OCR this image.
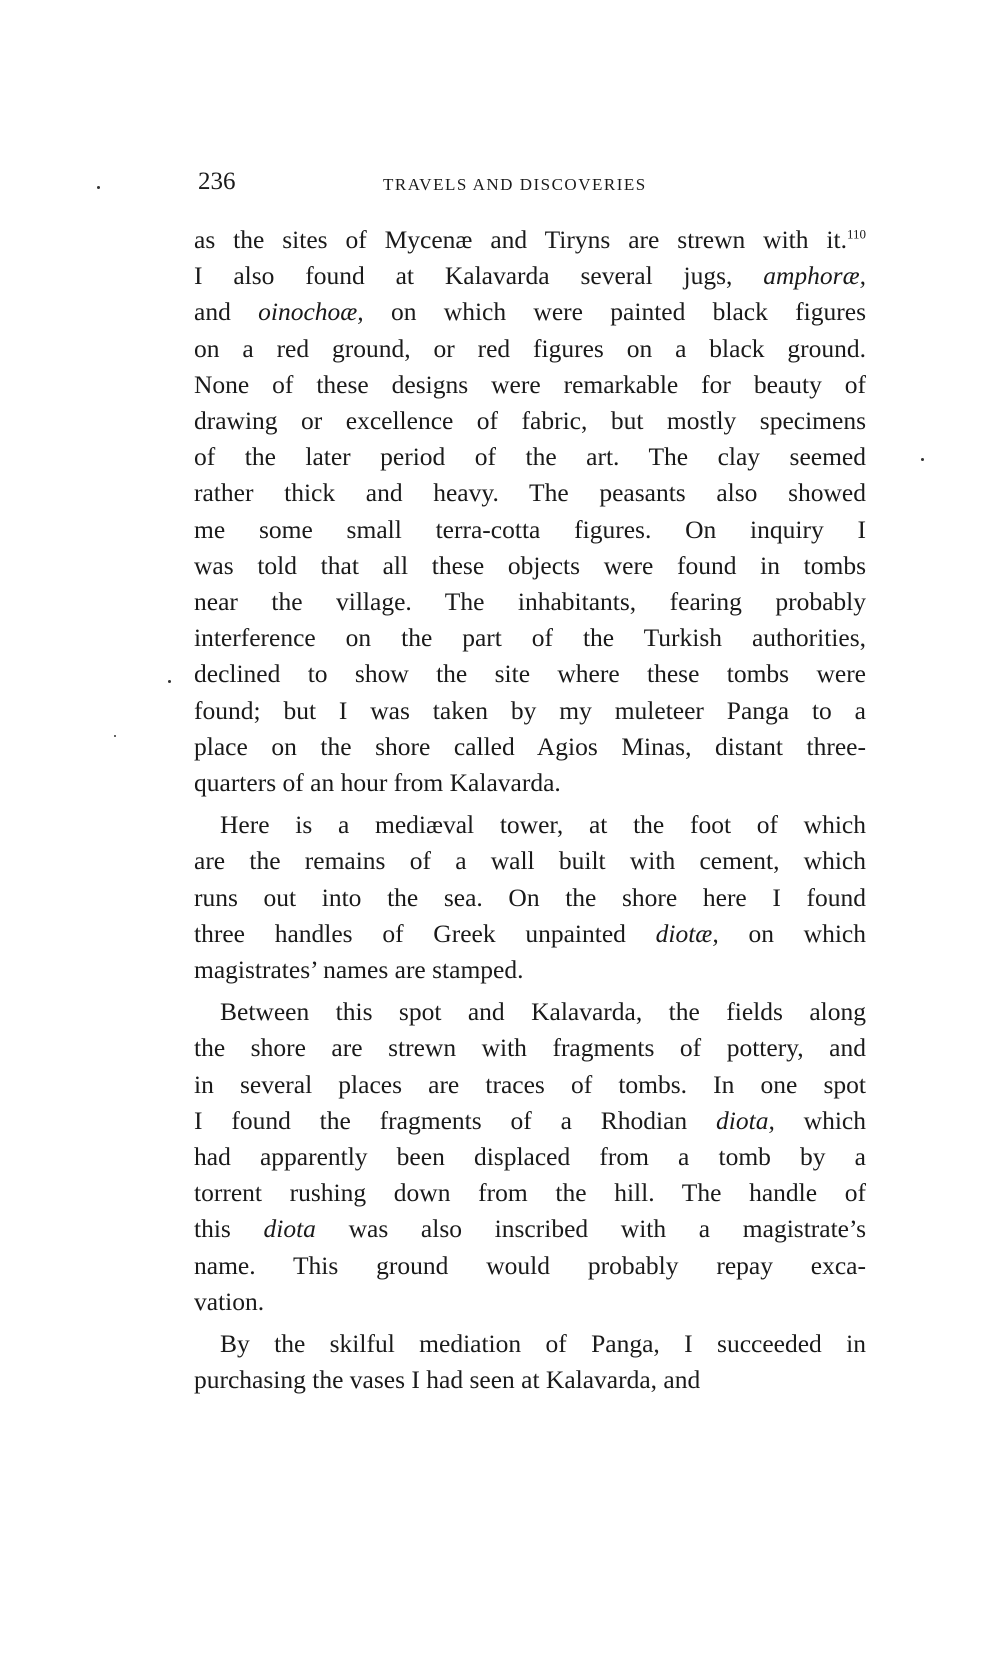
236	TRAVELS AND DISCOVERIES
as the sites of Mycenæ and Tiryns are strewn with it.$^{110}$
I also found at Kalavarda several jugs, amphoræ,
and oinochoæ, on which were painted black figures
on a red ground, or red figures on a black ground.
None of these designs were remarkable for beauty of
drawing or excellence of fabric, but mostly specimens
of the later period of the art. The clay seemed
rather thick and heavy. The peasants also showed
me some small terra-cotta figures. On inquiry I
was told that all these objects were found in tombs
near the village. The inhabitants, fearing probably
interference on the part of the Turkish authorities,
declined to show the site where these tombs were
found; but I was taken by my muleteer Panga to a
place on the shore called Agios Minas, distant three-
quarters of an hour from Kalavarda.
Here is a mediæval tower, at the foot of which
are the remains of a wall built with cement, which
runs out into the sea. On the shore here I found
three handles of Greek unpainted diotæ, on which
magistrates’ names are stamped.
Between this spot and Kalavarda, the fields along
the shore are strewn with fragments of pottery, and
in several places are traces of tombs. In one spot
I found the fragments of a Rhodian diota, which
had apparently been displaced from a tomb by a
torrent rushing down from the hill. The handle of
this diota was also inscribed with a magistrate’s
name. This ground would probably repay exca-
vation.
By the skilful mediation of Panga, I succeeded in
purchasing the vases I had seen at Kalavarda, and
